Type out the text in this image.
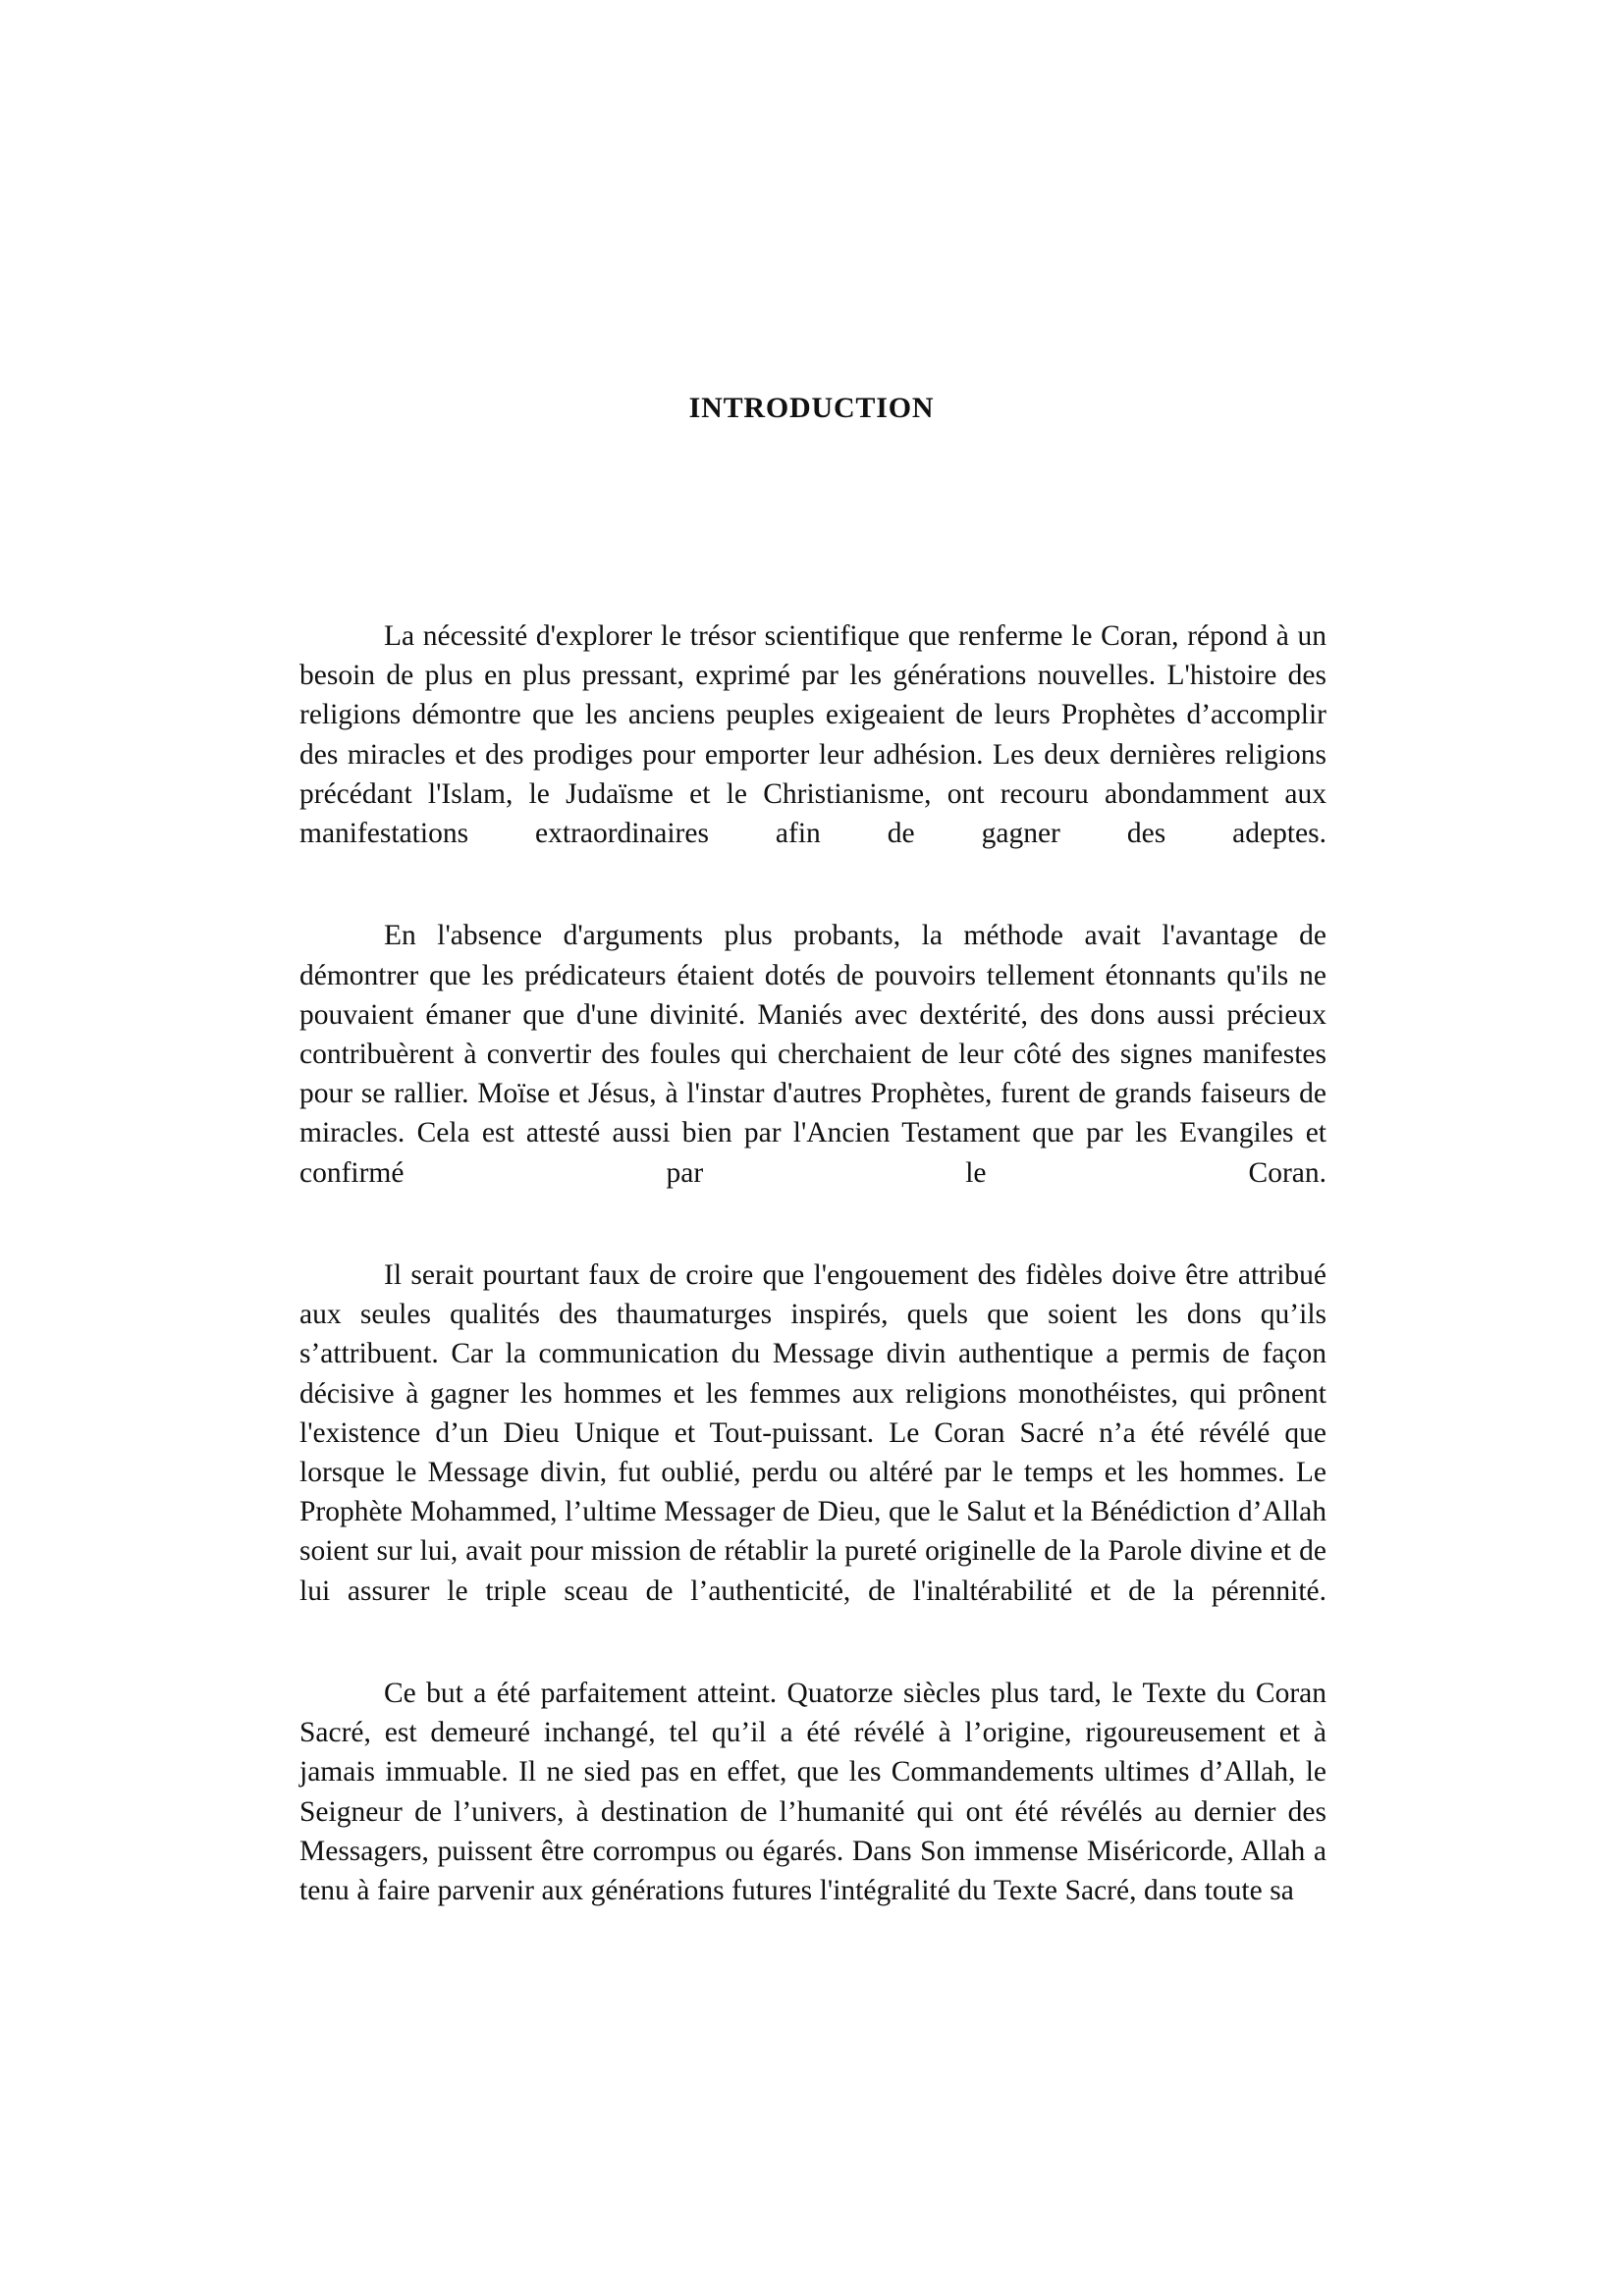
INTRODUCTION

La nécessité d'explorer le trésor scientifique que renferme le Coran, répond à un besoin de plus en plus pressant, exprimé par les générations nouvelles. L'histoire des religions démontre que les anciens peuples exigeaient de leurs Prophètes d’accomplir des miracles et des prodiges pour emporter leur adhésion. Les deux dernières religions précédant l'Islam, le Judaïsme et le Christianisme, ont recouru abondamment aux manifestations extraordinaires afin de gagner des adeptes.

En l'absence d'arguments plus probants, la méthode avait l'avantage de démontrer que les prédicateurs étaient dotés de pouvoirs tellement étonnants qu'ils ne pouvaient émaner que d'une divinité. Maniés avec dextérité, des dons aussi précieux contribuèrent à convertir des foules qui cherchaient de leur côté des signes manifestes pour se rallier. Moïse et Jésus, à l'instar d'autres Prophètes, furent de grands faiseurs de miracles. Cela est attesté aussi bien par l'Ancien Testament que par les Evangiles et confirmé par le Coran.

Il serait pourtant faux de croire que l'engouement des fidèles doive être attribué aux seules qualités des thaumaturges inspirés, quels que soient les dons qu’ils s’attribuent. Car la communication du Message divin authentique a permis de façon décisive à gagner les hommes et les femmes aux religions monothéistes, qui prônent l'existence d’un Dieu Unique et Tout-puissant. Le Coran Sacré n’a été révélé que lorsque le Message divin, fut oublié, perdu ou altéré par le temps et les hommes. Le Prophète Mohammed, l’ultime Messager de Dieu, que le Salut et la Bénédiction d’Allah soient sur lui, avait pour mission de rétablir la pureté originelle de la Parole divine et de lui assurer le triple sceau de l’authenticité, de l'inaltérabilité et de la pérennité.

Ce but a été parfaitement atteint. Quatorze siècles plus tard, le Texte du Coran Sacré, est demeuré inchangé, tel qu’il a été révélé à l’origine, rigoureusement et à jamais immuable. Il ne sied pas en effet, que les Commandements ultimes d’Allah, le Seigneur de l’univers, à destination de l’humanité qui ont été révélés au dernier des Messagers, puissent être corrompus ou égarés. Dans Son immense Miséricorde, Allah a tenu à faire parvenir aux générations futures l'intégralité du Texte Sacré, dans toute sa
